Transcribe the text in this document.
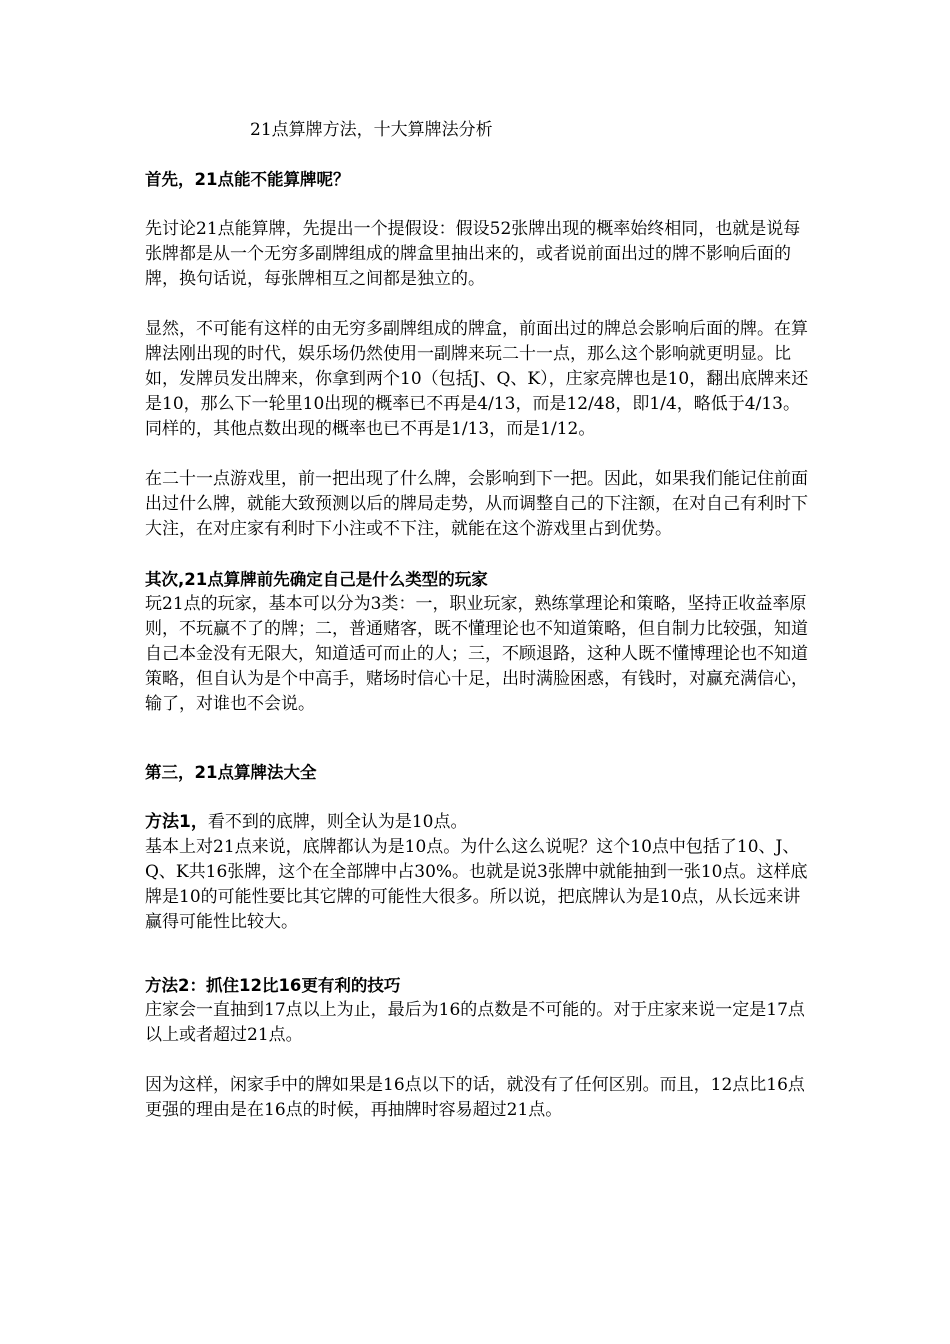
21点算牌方法，十大算牌法分析
首先，21点能不能算牌呢？

先讨论21点能算牌，先提出一个提假设：假设52张牌出现的概率始终相同，也就是说每张牌都是从一个无穷多副牌组成的牌盒里抽出来的，或者说前面出过的牌不影响后面的牌，换句话说，每张牌相互之间都是独立的。

显然，不可能有这样的由无穷多副牌组成的牌盒，前面出过的牌总会影响后面的牌。在算牌法刚出现的时代，娱乐场仍然使用一副牌来玩二十一点，那么这个影响就更明显。比如，发牌员发出牌来，你拿到两个10（包括J、Q、K），庄家亮牌也是10，翻出底牌来还是10，那么下一轮里10出现的概率已不再是4/13，而是12/48，即1/4，略低于4/13。同样的，其他点数出现的概率也已不再是1/13，而是1/12。

在二十一点游戏里，前一把出现了什么牌，会影响到下一把。因此，如果我们能记住前面出过什么牌，就能大致预测以后的牌局走势，从而调整自己的下注额，在对自己有利时下大注，在对庄家有利时下小注或不下注，就能在这个游戏里占到优势。

其次,21点算牌前先确定自己是什么类型的玩家

玩21点的玩家，基本可以分为3类：一，职业玩家，熟练掌理论和策略，坚持正收益率原则，不玩赢不了的牌；二，普通赌客，既不懂理论也不知道策略，但自制力比较强，知道自己本金没有无限大，知道适可而止的人；三，不顾退路，这种人既不懂博理论也不知道策略，但自认为是个中高手，赌场时信心十足，出时满脸困惑，有钱时，对赢充满信心，输了，对谁也不会说。

第三，21点算牌法大全

方法1，看不到的底牌，则全认为是10点。

基本上对21点来说，底牌都认为是10点。为什么这么说呢？这个10点中包括了10、J、Q、K共16张牌，这个在全部牌中占30%。也就是说3张牌中就能抽到一张10点。这样底牌是10的可能性要比其它牌的可能性大很多。所以说，把底牌认为是10点，从长远来讲赢得可能性比较大。

方法2：抓住12比16更有利的技巧

庄家会一直抽到17点以上为止，最后为16的点数是不可能的。对于庄家来说一定是17点以上或者超过21点。

因为这样，闲家手中的牌如果是16点以下的话，就没有了任何区别。而且，12点比16点更强的理由是在16点的时候，再抽牌时容易超过21点。
